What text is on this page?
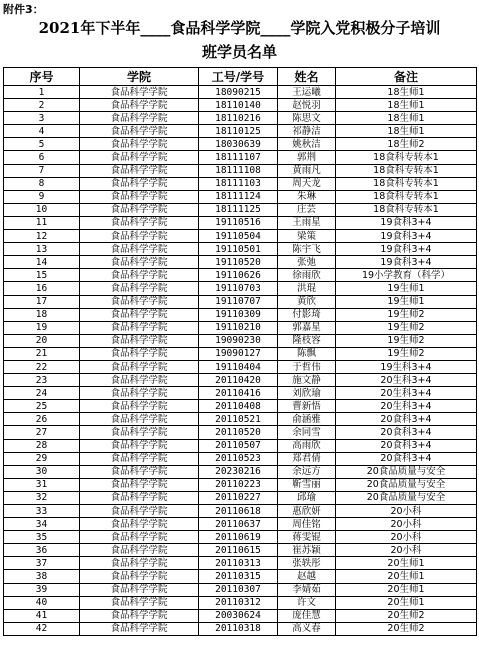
附件3：
2021年下半年____食品科学学院____学院入党积极分子培训
班学员名单
序号	学院	工号/学号	姓名	备注
1	食品科学学院	18090215	王运曦	18生师1
2	食品科学学院	18110140	赵悦羽	18生师1
3	食品科学学院	18110216	陈思文	18生师1
4	食品科学学院	18110125	祁静洁	18生师1
5	食品科学学院	18030639	姚秋洁	18生师2
6	食品科学学院	18111107	郭荆	18食科专转本1
7	食品科学学院	18111108	黄雨凡	18食科专转本1
8	食品科学学院	18111103	周天龙	18食科专转本1
9	食品科学学院	18111124	朱琳	18食科专转本1
10	食品科学学院	18111125	庄芸	18食科专转本1
11	食品科学学院	19110516	王雨星	19食科3+4
12	食品科学学院	19110504	梁策	19食科3+4
13	食品科学学院	19110501	陈宇飞	19食科3+4
14	食品科学学院	19110520	张弛	19食科3+4
15	食品科学学院	19110626	徐雨欣	19小学教育（科学）
16	食品科学学院	19110703	洪琨	19生师1
17	食品科学学院	19110707	黄欣	19生师1
18	食品科学学院	19110309	付影琦	19生师2
19	食品科学学院	19110210	郭嘉星	19生师2
20	食品科学学院	19090230	隆枝容	19生师2
21	食品科学学院	19090127	陈飘	19生师2
22	食品科学学院	19110404	于哲伟	19生科3+4
23	食品科学学院	20110420	施文静	20生科3+4
24	食品科学学院	20110416	刘欣瑜	20生科3+4
25	食品科学学院	20110408	曹新悟	20生科3+4
26	食品科学学院	20110521	俞涵雅	20食科3+4
27	食品科学学院	20110520	余同雪	20食科3+4
28	食品科学学院	20110507	高雨欣	20食科3+4
29	食品科学学院	20110523	郑君倩	20食科3+4
30	食品科学学院	20230216	余远方	20食品质量与安全
31	食品科学学院	20110223	靳雪丽	20食品质量与安全
32	食品科学学院	20110227	邱瑜	20食品质量与安全
33	食品科学学院	20110618	惠欣妍	20小科
34	食品科学学院	20110637	周佳铭	20小科
35	食品科学学院	20110619	蒋雯锟	20小科
36	食品科学学院	20110615	崔苏颖	20小科
37	食品科学学院	20110313	张轶彤	20生师1
38	食品科学学院	20110315	赵越	20生师1
39	食品科学学院	20110307	李婧茹	20生师1
40	食品科学学院	20110312	许文	20生师1
41	食品科学学院	20030624	庞佳慧	20生师2
42	食品科学学院	20110318	高义春	20生师2
